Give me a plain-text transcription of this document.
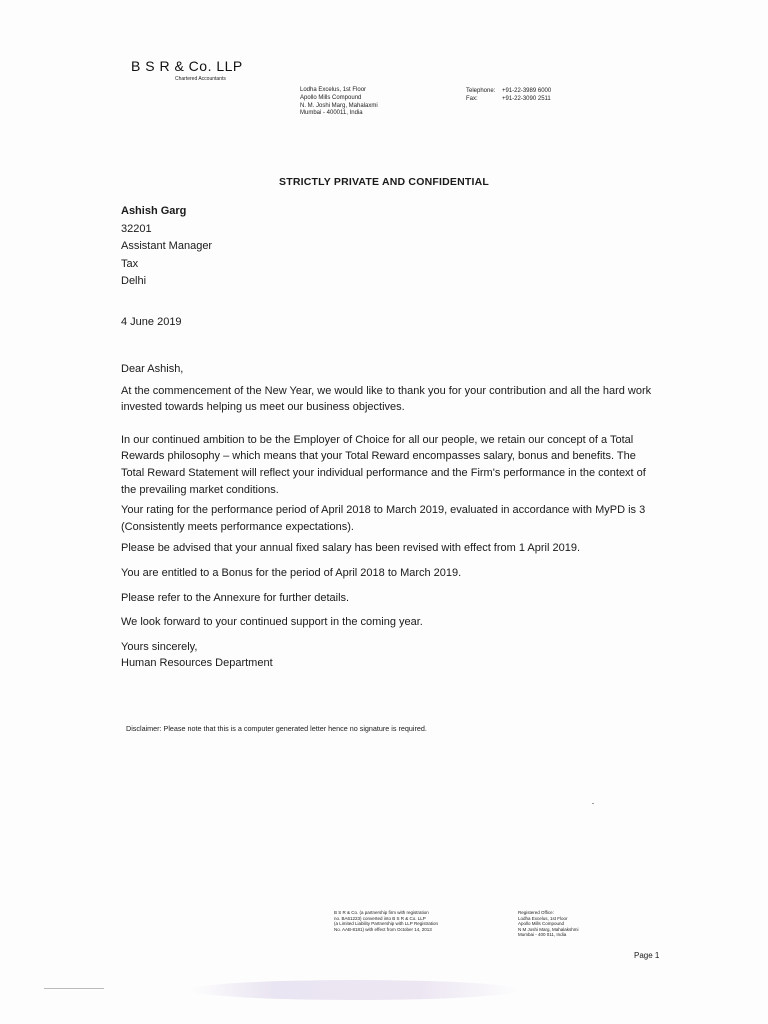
B S R & Co. LLP
Chartered Accountants
Lodha Excelus, 1st Floor
Apollo Mills Compound
N. M. Joshi Marg, Mahalaxmi
Mumbai - 400011, India
Telephone:	+91-22-3989 6000
Fax:	+91-22-3090 2511
STRICTLY PRIVATE AND CONFIDENTIAL
Ashish Garg
32201
Assistant Manager
Tax
Delhi
4 June 2019

Dear Ashish,

At the commencement of the New Year, we would like to thank you for your contribution and all the hard work invested towards helping us meet our business objectives.

In our continued ambition to be the Employer of Choice for all our people, we retain our concept of a Total Rewards philosophy – which means that your Total Reward encompasses salary, bonus and benefits. The Total Reward Statement will reflect your individual performance and the Firm's performance in the context of the prevailing market conditions.

Your rating for the performance period of April 2018 to March 2019, evaluated in accordance with MyPD is 3 (Consistently meets performance expectations).

Please be advised that your annual fixed salary has been revised with effect from 1 April 2019.

You are entitled to a Bonus for the period of April 2018 to March 2019.

Please refer to the Annexure for further details.

We look forward to your continued support in the coming year.

Yours sincerely,

Human Resources Department

Disclaimer: Please note that this is a computer generated letter hence no signature is required.
B S R & Co. (a partnership firm with registration
no. BA61223) converted into B S R & Co. LLP
(a Limited Liability Partnership with LLP Registration
No. AAB-8181) with effect from October 14, 2013
Registered Office:
Lodha Excelus, 1st Floor
Apollo Mills Compound
N M Joshi Marg, Mahalakshmi
Mumbai - 400 011, India
Page 1
